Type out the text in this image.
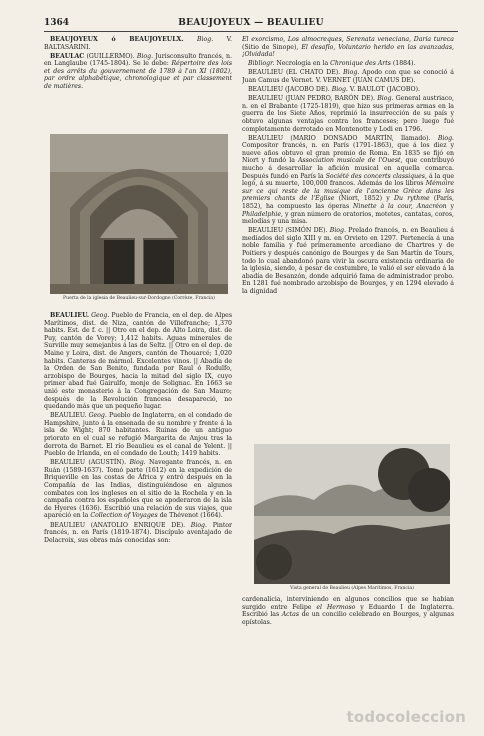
1364	BEAUJOYEUX — BEAULIEU

BEAUJOYEUX ó BEAUJOYEULX. Biog. V. BALTASARINI.

BEAULAC (GUILLERMO). Biog. Jurisconsulto francés, n. en Langlaube (1745-1804). Se le debe: Répertoire des lois et des arrêts du gouvernement de 1789 à l'an XI (1802), par ordre alphabétique, chronologique et par classement de matières.

Puerta de la iglesia de Beaulieu-sur-Dordogne (Corrèze, Francia)

BEAULIEU. Geog. Pueblo de Francia, en el dep. de Alpes Marítimos, dist. de Niza, cantón de Villefranche; 1,370 habits. Est. de f. c. || Otro en el dep. de Alto Loira, dist. de Puy, cantón de Vorey; 1,412 habits. Aguas minerales de Surville muy semejantes á las de Seltz. || Otro en el dep. de Maine y Loira, dist. de Angers, cantón de Thouarcé; 1,020 habits. Canteras de mármol. Excelentes vinos. || Abadía de la Orden de San Benito, fundada por Raul ó Rodulfo, arzobispo de Bourges, hacia la mitad del siglo IX, cuyo primer abad fué Gairulfo, monje de Solignac. En 1663 se unió este monasterio á la Congregación de San Mauro; después de la Revolución francesa desapareció, no quedando más que un pequeño lugar.

BEAULIEU. Geog. Pueblo de Inglaterra, en el condado de Hampshire, junto á la ensenada de su nombre y frente á la isla de Wight; 870 habitantes. Ruinas de un antiguo priorato en el cual se refugió Margarita de Anjou tras la derrota de Barnet. El río Beaulieu es el canal de Yelent. || Pueblo de Irlanda, en el condado de Louth; 1419 habits.

BEAULIEU (AGUSTÍN). Biog. Navegante francés, n. en Ruán (1589-1637). Tomó parte (1612) en la expedición de Briqueville en las costas de África y entró después en la Compañía de las Indias, distinguiéndose en algunos combates con los ingleses en el sitio de la Rochela y en la campaña contra los españoles que se apoderaron de la isla de Hyeres (1636). Escribió una relación de sus viajes, que apareció en la Collection of Voyages de Thévenot (1664).

BEAULIEU (ANATOLIO ENRIQUE DE). Biog. Pintor francés, n. en París (1819-1874). Discípulo aventajado de Delacroix, sus obras más conocidas son:

El exorcismo, Los almocreques, Serenata veneciana, Daría tureca (Sitio de Sinope), El desafío, Voluntario herido en las avanzadas, ¡Olvidada!

Bibliogr. Necrología en la Chronique des Arts (1884).

BEAULIEU (EL CHATO DE). Biog. Apodo con que se conoció á Juan Camus de Vernet. V. VERNET (JUAN CAMUS DE).

BEAULIEU (JACOBO DE). Biog. V. BAULOT (JACOBO).

BEAULIEU (JUAN PEDRO, BARÓN DE). Biog. General austriaco, n. en el Brabante (1725-1819), que hizo sus primeras armas en la guerra de los Siete Años, reprimió la insurrección de su país y obtuvo algunas ventajas contra los franceses; pero luego fué completamente derrotado en Montenotte y Lodi en 1796.

BEAULIEU (MARIO DONSADO MARTÍN, llamado). Biog. Compositor francés, n. en París (1791-1863), que á los diez y nueve años obtuvo el gran premio de Roma. En 1835 se fijó en Niort y fundó la Association musicale de l'Ouest, que contribuyó mucho á desarrollar la afición musical en aquella comarca. Después fundó en París la Société des concerts classiques, á la que legó, á su muerte, 100,000 francos. Además de los libros Mémoire sur ce qui reste de la musique de l'ancienne Grèce dans les premiers chants de l'Église (Niort, 1852) y Du rythme (París, 1852), ha compuesto las óperas Ninette à la cour, Anacréon y Philadelphie, y gran número de oratorios, motetes, cantatas, coros, melodías y una misa.

BEAULIEU (SIMÓN DE). Biog. Prelado francés, n. en Beaulieu á mediados del siglo XIII y m. en Orvieto en 1297. Pertenecía á una noble familia y fué primeramente arcediano de Chartres y de Poitiers y después canónigo de Bourges y de San Martín de Tours, todo lo cual abandonó para vivir la oscura existencia ordinaria de la iglesia, siendo, á pesar de costumbre, le valió el ser elevado á la abadía de Besanzón, donde adquirió fama de administrador probo. En 1281 fué nombrado arzobispo de Bourges, y en 1294 elevado á la dignidad

Vista general de Beaulieu (Alpes Marítimos, Francia)

cardenalicia, interviniendo en algunos concilios que se habían surgido entre Felipe el Hermoso y Eduardo I de Inglaterra. Escribió las Actas de un concilio celebrado en Bourges, y algunas epístolas.

todocoleccion
